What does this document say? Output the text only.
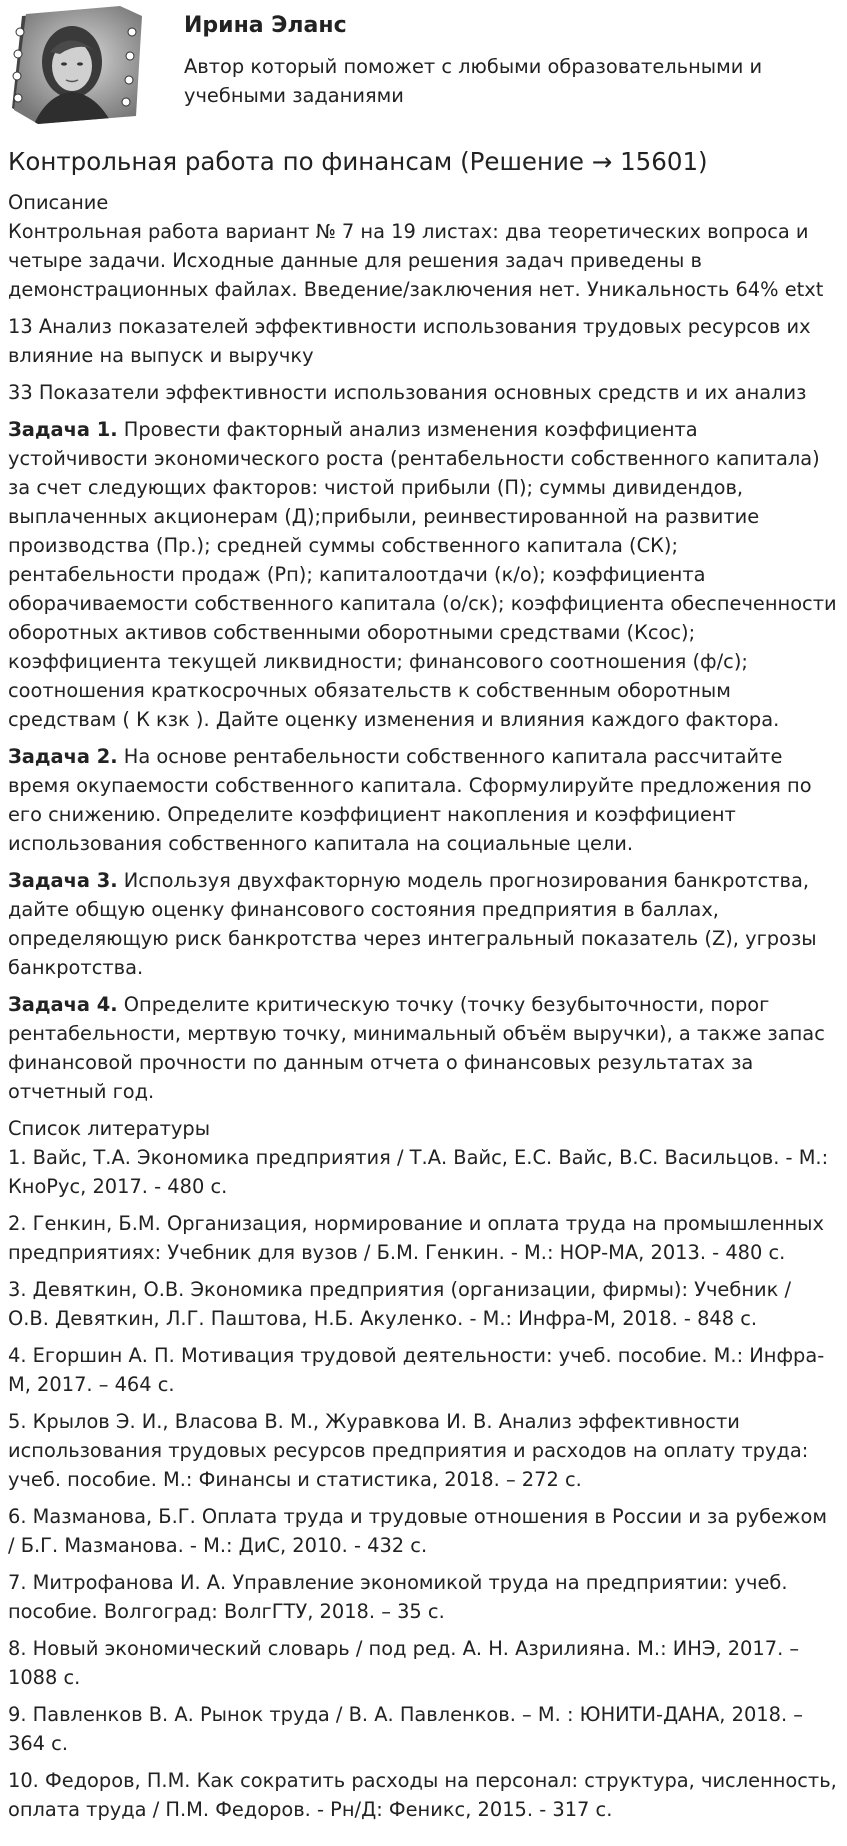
Ирина Эланс

Автор который поможет с любыми образовательными и учебными заданиями

Контрольная работа по финансам (Решение → 15601)
Описание

Контрольная работа вариант № 7 на 19 листах: два теоретических вопроса и четыре задачи. Исходные данные для решения задач приведены в демонстрационных файлах. Введение/заключения нет. Уникальность 64% etxt

13 Анализ показателей эффективности использования трудовых ресурсов их влияние на выпуск и выручку

33 Показатели эффективности использования основных средств и их анализ

Задача 1. Провести факторный анализ изменения коэффициента устойчивости экономического роста (рентабельности собственного капитала) за счет следующих факторов: чистой прибыли (П); суммы дивидендов, выплаченных акционерам (Д);прибыли, реинвестированной на развитие производства (Пр.); средней суммы собственного капитала (СК); рентабельности продаж (Рп); капиталоотдачи (к/о); коэффициента оборачиваемости собственного капитала (о/ск); коэффициента обеспеченности оборотных активов собственными оборотными средствами (Ксос); коэффициента текущей ликвидности; финансового соотношения (ф/с); соотношения краткосрочных обязательств к собственным оборотным средствам ( К кзк ). Дайте оценку изменения и влияния каждого фактора.

Задача 2. На основе рентабельности собственного капитала рассчитайте время окупаемости собственного капитала. Сформулируйте предложения по его снижению. Определите коэффициент накопления и коэффициент использования собственного капитала на социальные цели.

Задача 3. Используя двухфакторную модель прогнозирования банкротства, дайте общую оценку финансового состояния предприятия в баллах, определяющую риск банкротства через интегральный показатель (Z), угрозы банкротства.

Задача 4. Определите критическую точку (точку безубыточности, порог рентабельности, мертвую точку, минимальный объём выручки), а также запас финансовой прочности по данным отчета о финансовых результатах за отчетный год.

Список литературы
1. Вайс, Т.А. Экономика предприятия / Т.А. Вайс, Е.С. Вайс, В.С. Васильцов. - М.: КноРус, 2017. - 480 с.
2. Генкин, Б.М. Организация, нормирование и оплата труда на промышленных предприятиях: Учебник для вузов / Б.М. Генкин. - М.: НОР-МА, 2013. - 480 с.
3. Девяткин, О.В. Экономика предприятия (организации, фирмы): Учебник / О.В. Девяткин, Л.Г. Паштова, Н.Б. Акуленко. - М.: Инфра-М, 2018. - 848 с.
4. Егоршин А. П. Мотивация трудовой деятельности: учеб. пособие. М.: Инфра-М, 2017. – 464 с.
5. Крылов Э. И., Власова В. М., Журавкова И. В. Анализ эффективности использования трудовых ресурсов предприятия и расходов на оплату труда: учеб. пособие. М.: Финансы и статистика, 2018. – 272 с.
6. Мазманова, Б.Г. Оплата труда и трудовые отношения в России и за рубежом / Б.Г. Мазманова. - М.: ДиС, 2010. - 432 с.
7. Митрофанова И. А. Управление экономикой труда на предприятии: учеб. пособие. Волгоград: ВолгГТУ, 2018. – 35 с.
8. Новый экономический словарь / под ред. А. Н. Азрилияна. М.: ИНЭ, 2017. – 1088 с.
9. Павленков В. А. Рынок труда / В. А. Павленков. – М. : ЮНИТИ-ДАНА, 2018. – 364 с.
10. Федоров, П.М. Как сократить расходы на персонал: структура, численность, оплата труда / П.М. Федоров. - Рн/Д: Феникс, 2015. - 317 с.
